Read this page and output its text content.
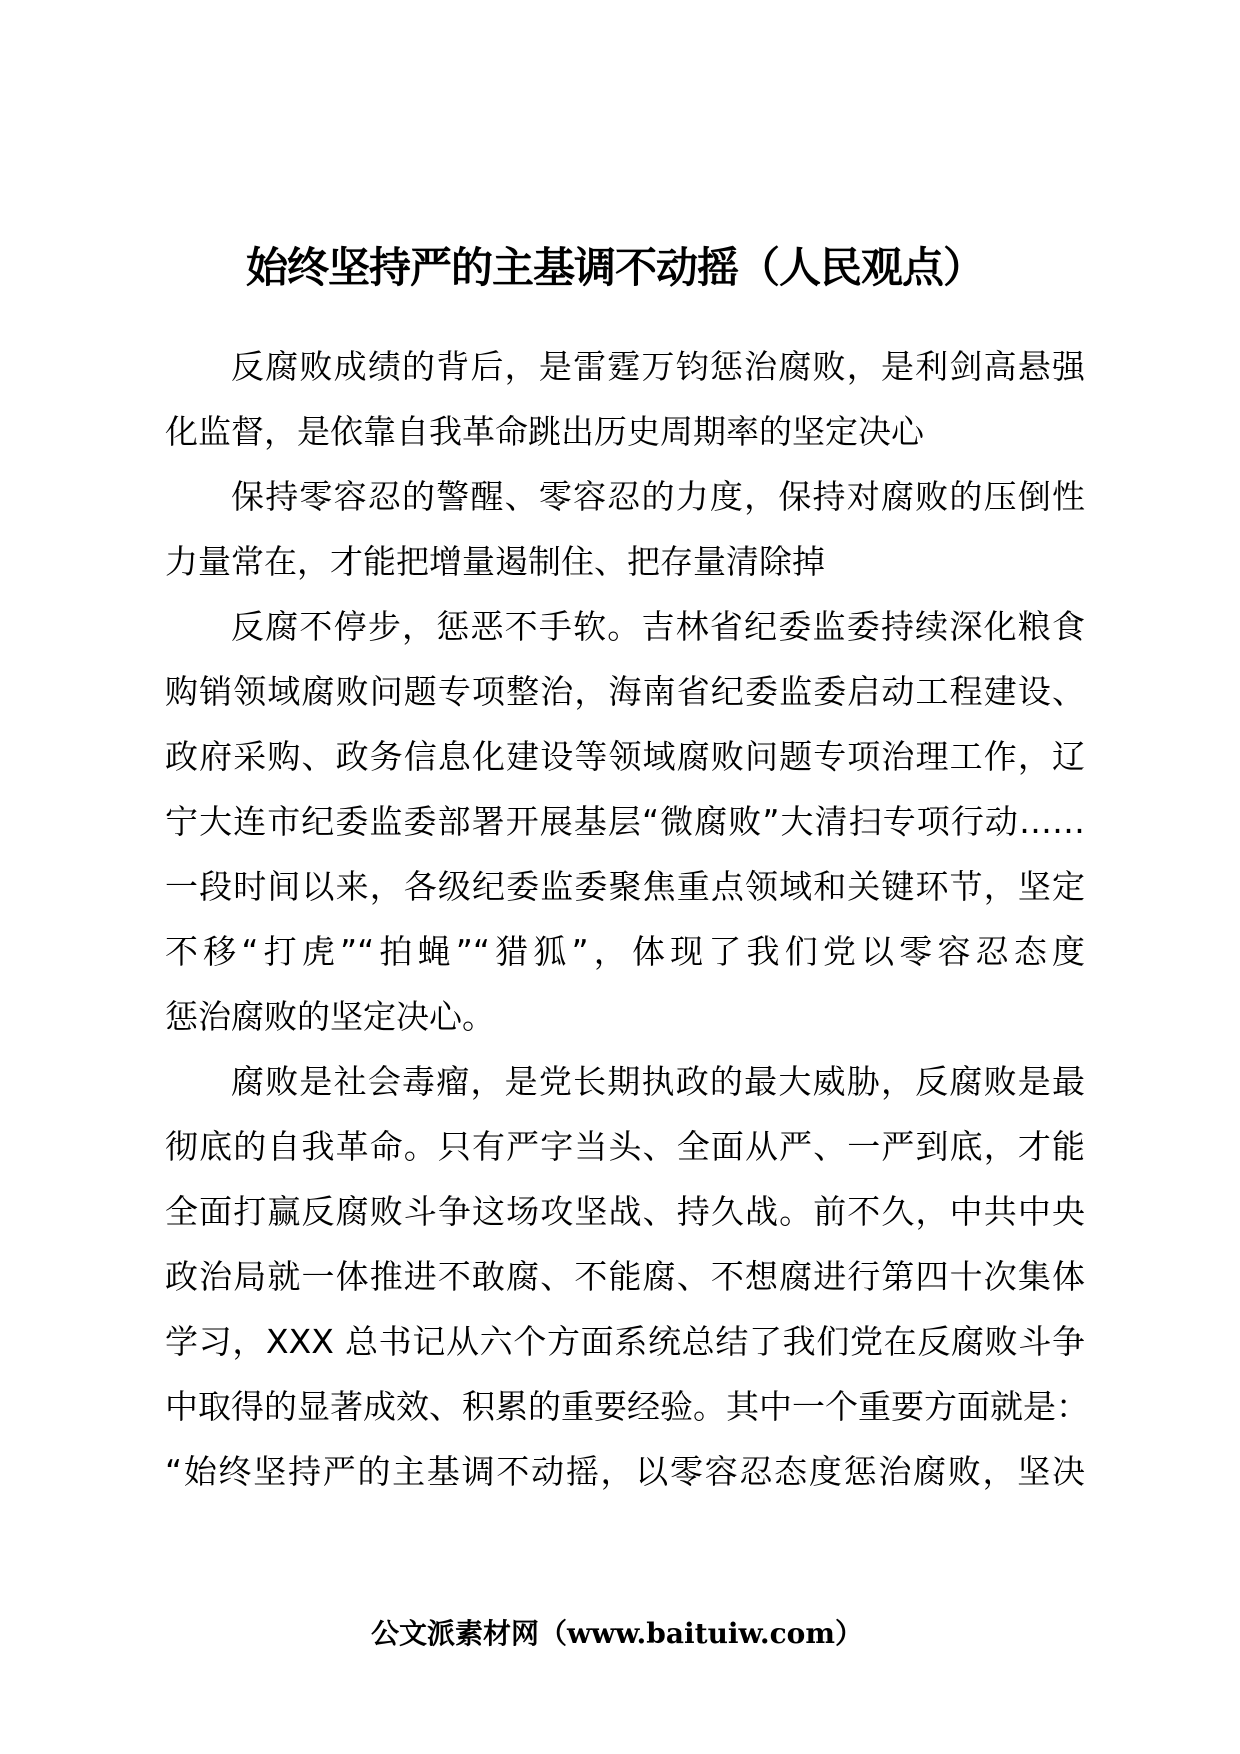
始终坚持严的主基调不动摇（人民观点）
反腐败成绩的背后，是雷霆万钧惩治腐败，是利剑高悬强
化监督，是依靠自我革命跳出历史周期率的坚定决心
保持零容忍的警醒、零容忍的力度，保持对腐败的压倒性
力量常在，才能把增量遏制住、把存量清除掉
反腐不停步，惩恶不手软。吉林省纪委监委持续深化粮食
购销领域腐败问题专项整治，海南省纪委监委启动工程建设、
政府采购、政务信息化建设等领域腐败问题专项治理工作，辽
宁大连市纪委监委部署开展基层“微腐败”大清扫专项行动……
一段时间以来，各级纪委监委聚焦重点领域和关键环节，坚定
不移“打虎”“拍蝇”“猎狐”，体现了我们党以零容忍态度
惩治腐败的坚定决心。
腐败是社会毒瘤，是党长期执政的最大威胁，反腐败是最
彻底的自我革命。只有严字当头、全面从严、一严到底，才能
全面打赢反腐败斗争这场攻坚战、持久战。前不久，中共中央
政治局就一体推进不敢腐、不能腐、不想腐进行第四十次集体
学习，XXX 总书记从六个方面系统总结了我们党在反腐败斗争
中取得的显著成效、积累的重要经验。其中一个重要方面就是：
“始终坚持严的主基调不动摇，以零容忍态度惩治腐败，坚决
公文派素材网（www.baituiw.com）
